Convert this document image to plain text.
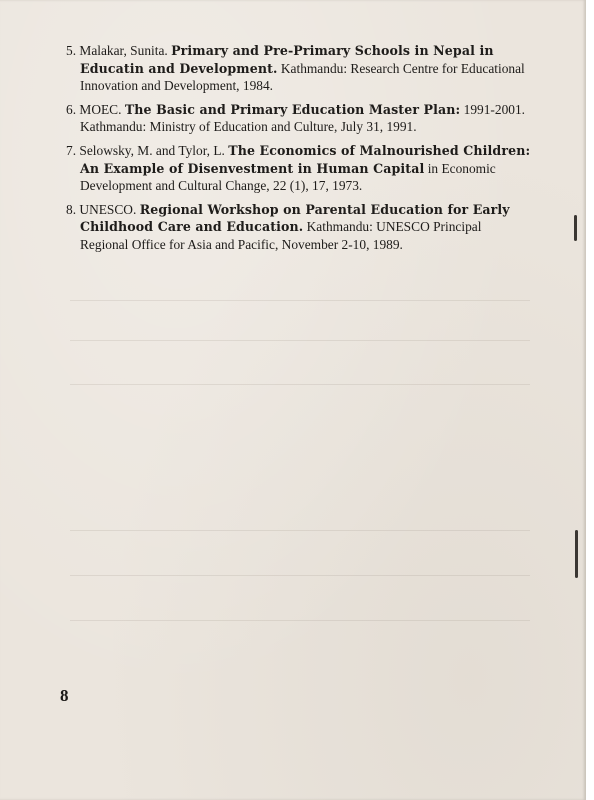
5. Malakar, Sunita. Primary and Pre-Primary Schools in Nepal in Educatin and Development. Kathmandu: Research Centre for Educational Innovation and Development, 1984.
6. MOEC. The Basic and Primary Education Master Plan: 1991-2001. Kathmandu: Ministry of Education and Culture, July 31, 1991.
7. Selowsky, M. and Tylor, L. The Economics of Malnourished Children: An Example of Disenvestment in Human Capital in Economic Development and Cultural Change, 22 (1), 17, 1973.
8. UNESCO. Regional Workshop on Parental Education for Early Childhood Care and Education. Kathmandu: UNESCO Principal Regional Office for Asia and Pacific, November 2-10, 1989.
8
